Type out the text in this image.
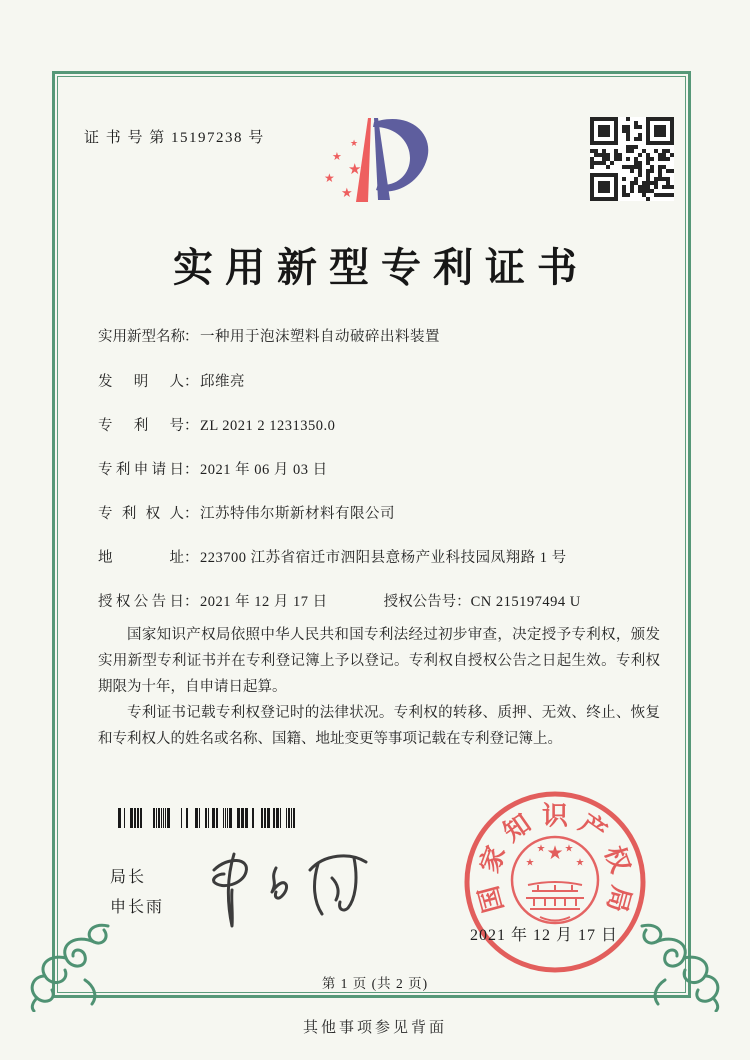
证 书 号 第 15197238 号	★
★
★
★
★
实用新型专利证书
实用新型名称： 一种用于泡沫塑料自动破碎出料装置
发明人： 邱维亮
专利号： ZL 2021 2 1231350.0
专利申请日： 2021 年 06 月 03 日
专利权人： 江苏特伟尔斯新材料有限公司
地址： 223700 江苏省宿迁市泗阳县意杨产业科技园凤翔路 1 号
授权公告日： 2021 年 12 月 17 日	授权公告号：CN 215197494 U

国家知识产权局依照中华人民共和国专利法经过初步审查，决定授予专利权，颁发实用新型专利证书并在专利登记簿上予以登记。专利权自授权公告之日起生效。专利权期限为十年，自申请日起算。

专利证书记载专利权登记时的法律状况。专利权的转移、质押、无效、终止、恢复和专利权人的姓名或名称、国籍、地址变更等事项记载在专利登记簿上。

局长
申长雨	国
家
知 识 产
权
局
★
★
★ ★
★
2021 年 12 月 17 日
第 1 页 (共 2 页)
其他事项参见背面
